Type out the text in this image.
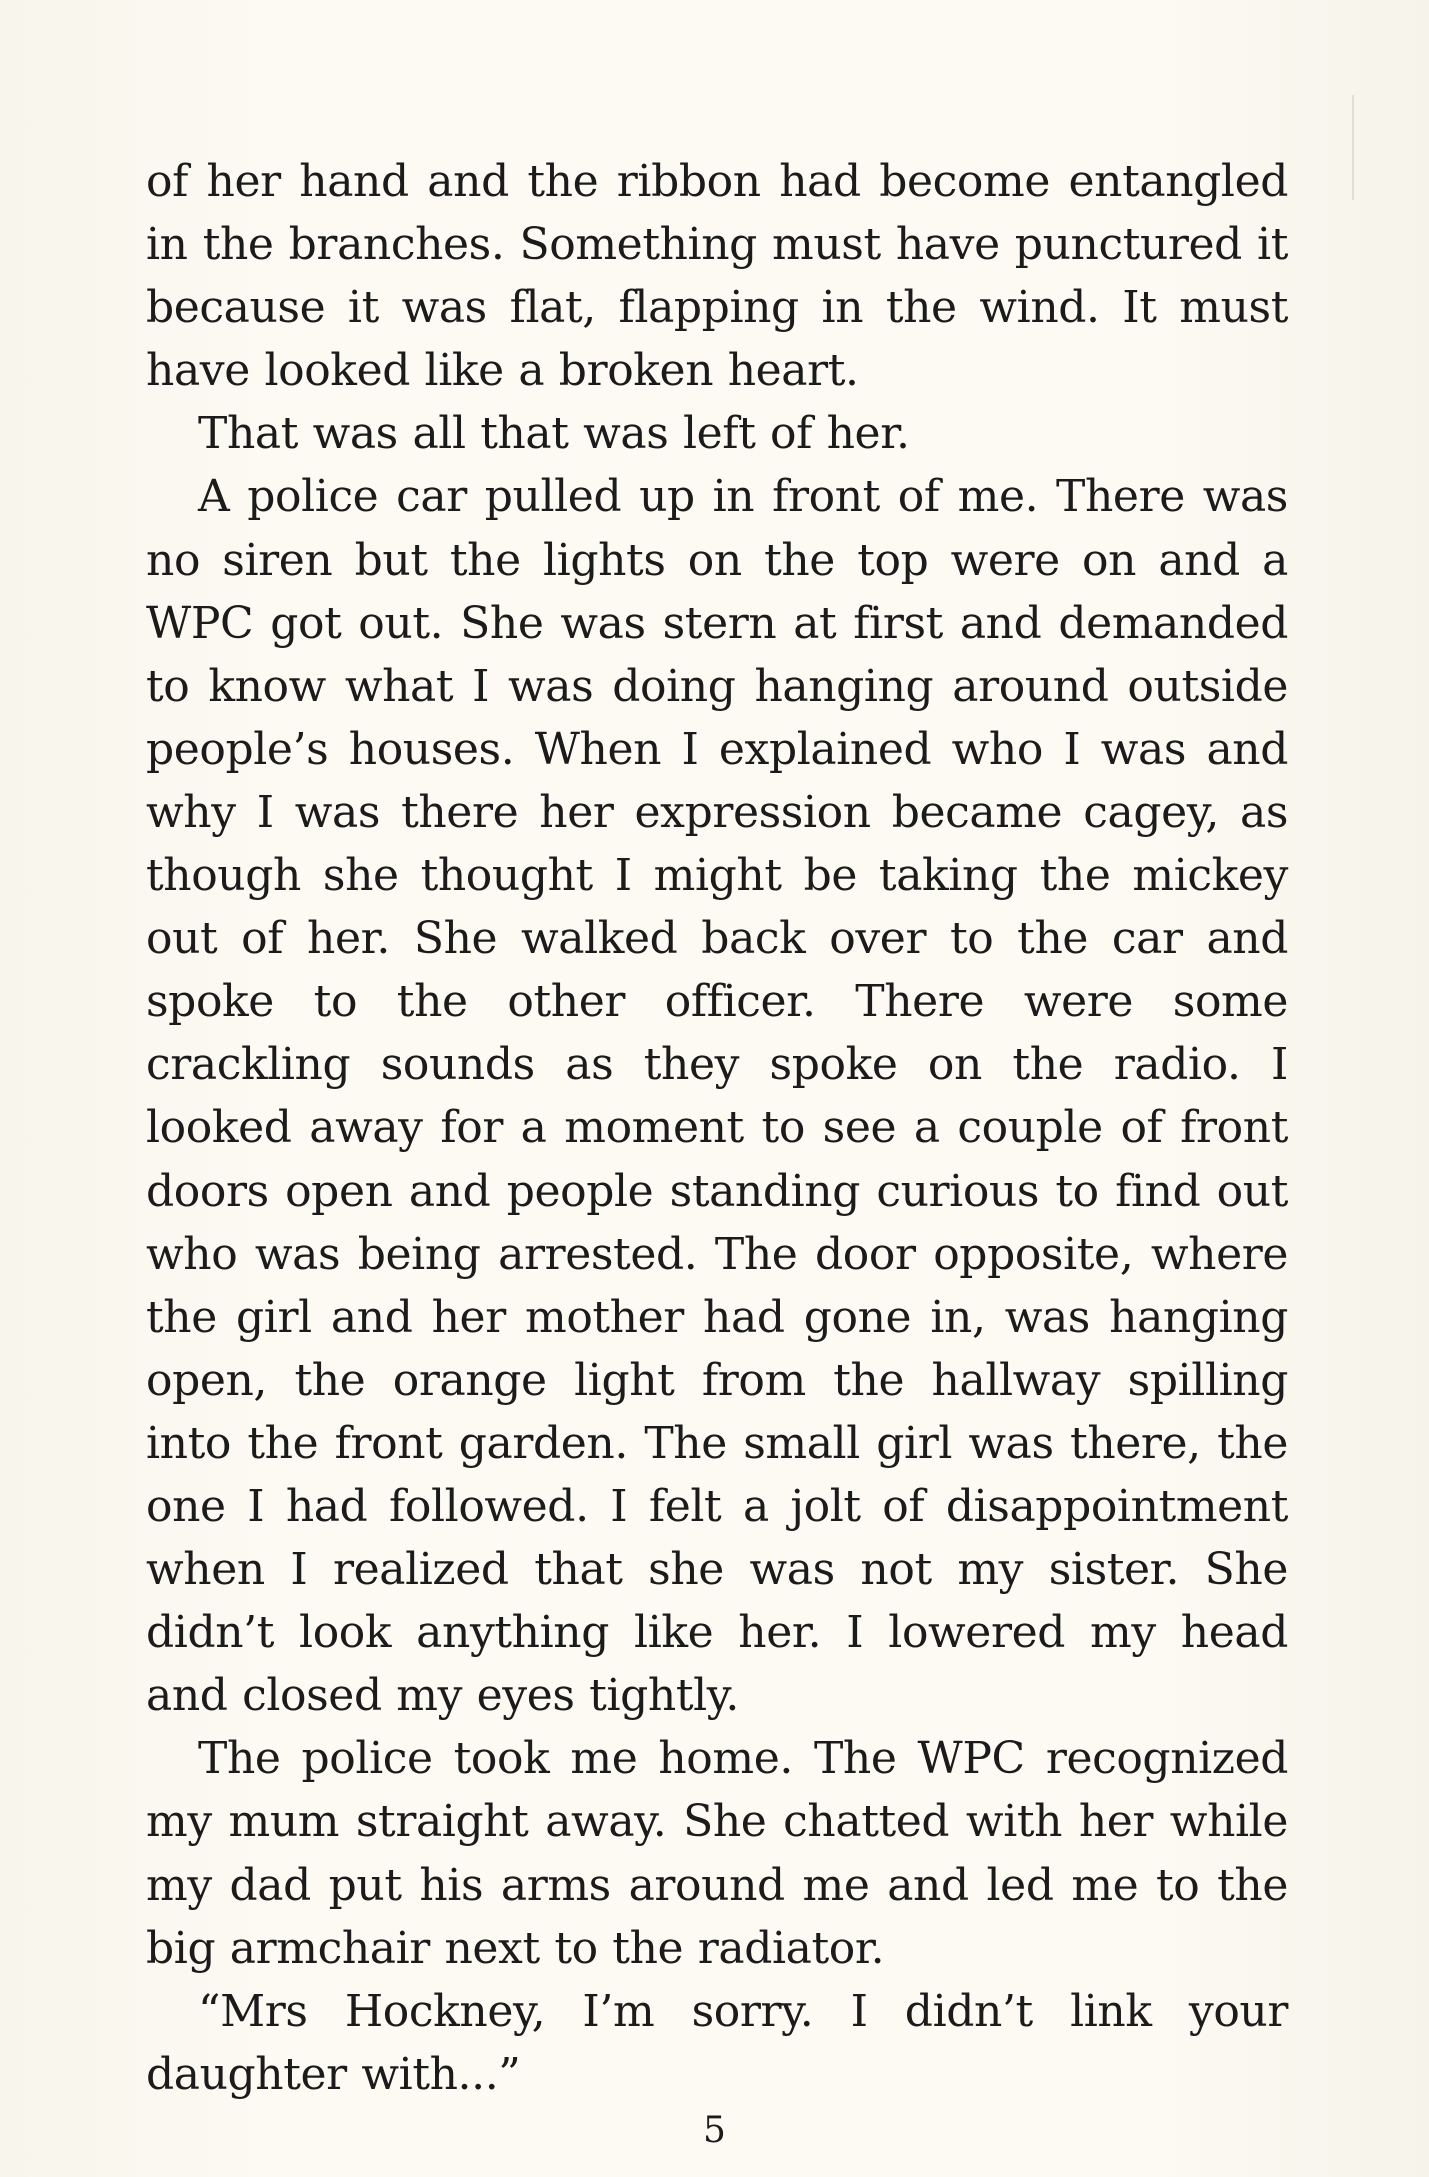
of her hand and the ribbon had become entangled in the branches. Something must have punctured it because it was flat, flapping in the wind. It must have looked like a broken heart.

That was all that was left of her.

A police car pulled up in front of me. There was no siren but the lights on the top were on and a WPC got out. She was stern at first and demanded to know what I was doing hanging around outside people’s houses. When I explained who I was and why I was there her expression became cagey, as though she thought I might be taking the mickey out of her. She walked back over to the car and spoke to the other officer. There were some crackling sounds as they spoke on the radio. I looked away for a moment to see a couple of front doors open and people standing curious to find out who was being arrested. The door opposite, where the girl and her mother had gone in, was hanging open, the orange light from the hallway spilling into the front garden. The small girl was there, the one I had followed. I felt a jolt of disappointment when I realized that she was not my sister. She didn’t look anything like her. I lowered my head and closed my eyes tightly.

The police took me home. The WPC recognized my mum straight away. She chatted with her while my dad put his arms around me and led me to the big armchair next to the radiator.

“Mrs Hockney, I’m sorry. I didn’t link your daughter with...”

5
